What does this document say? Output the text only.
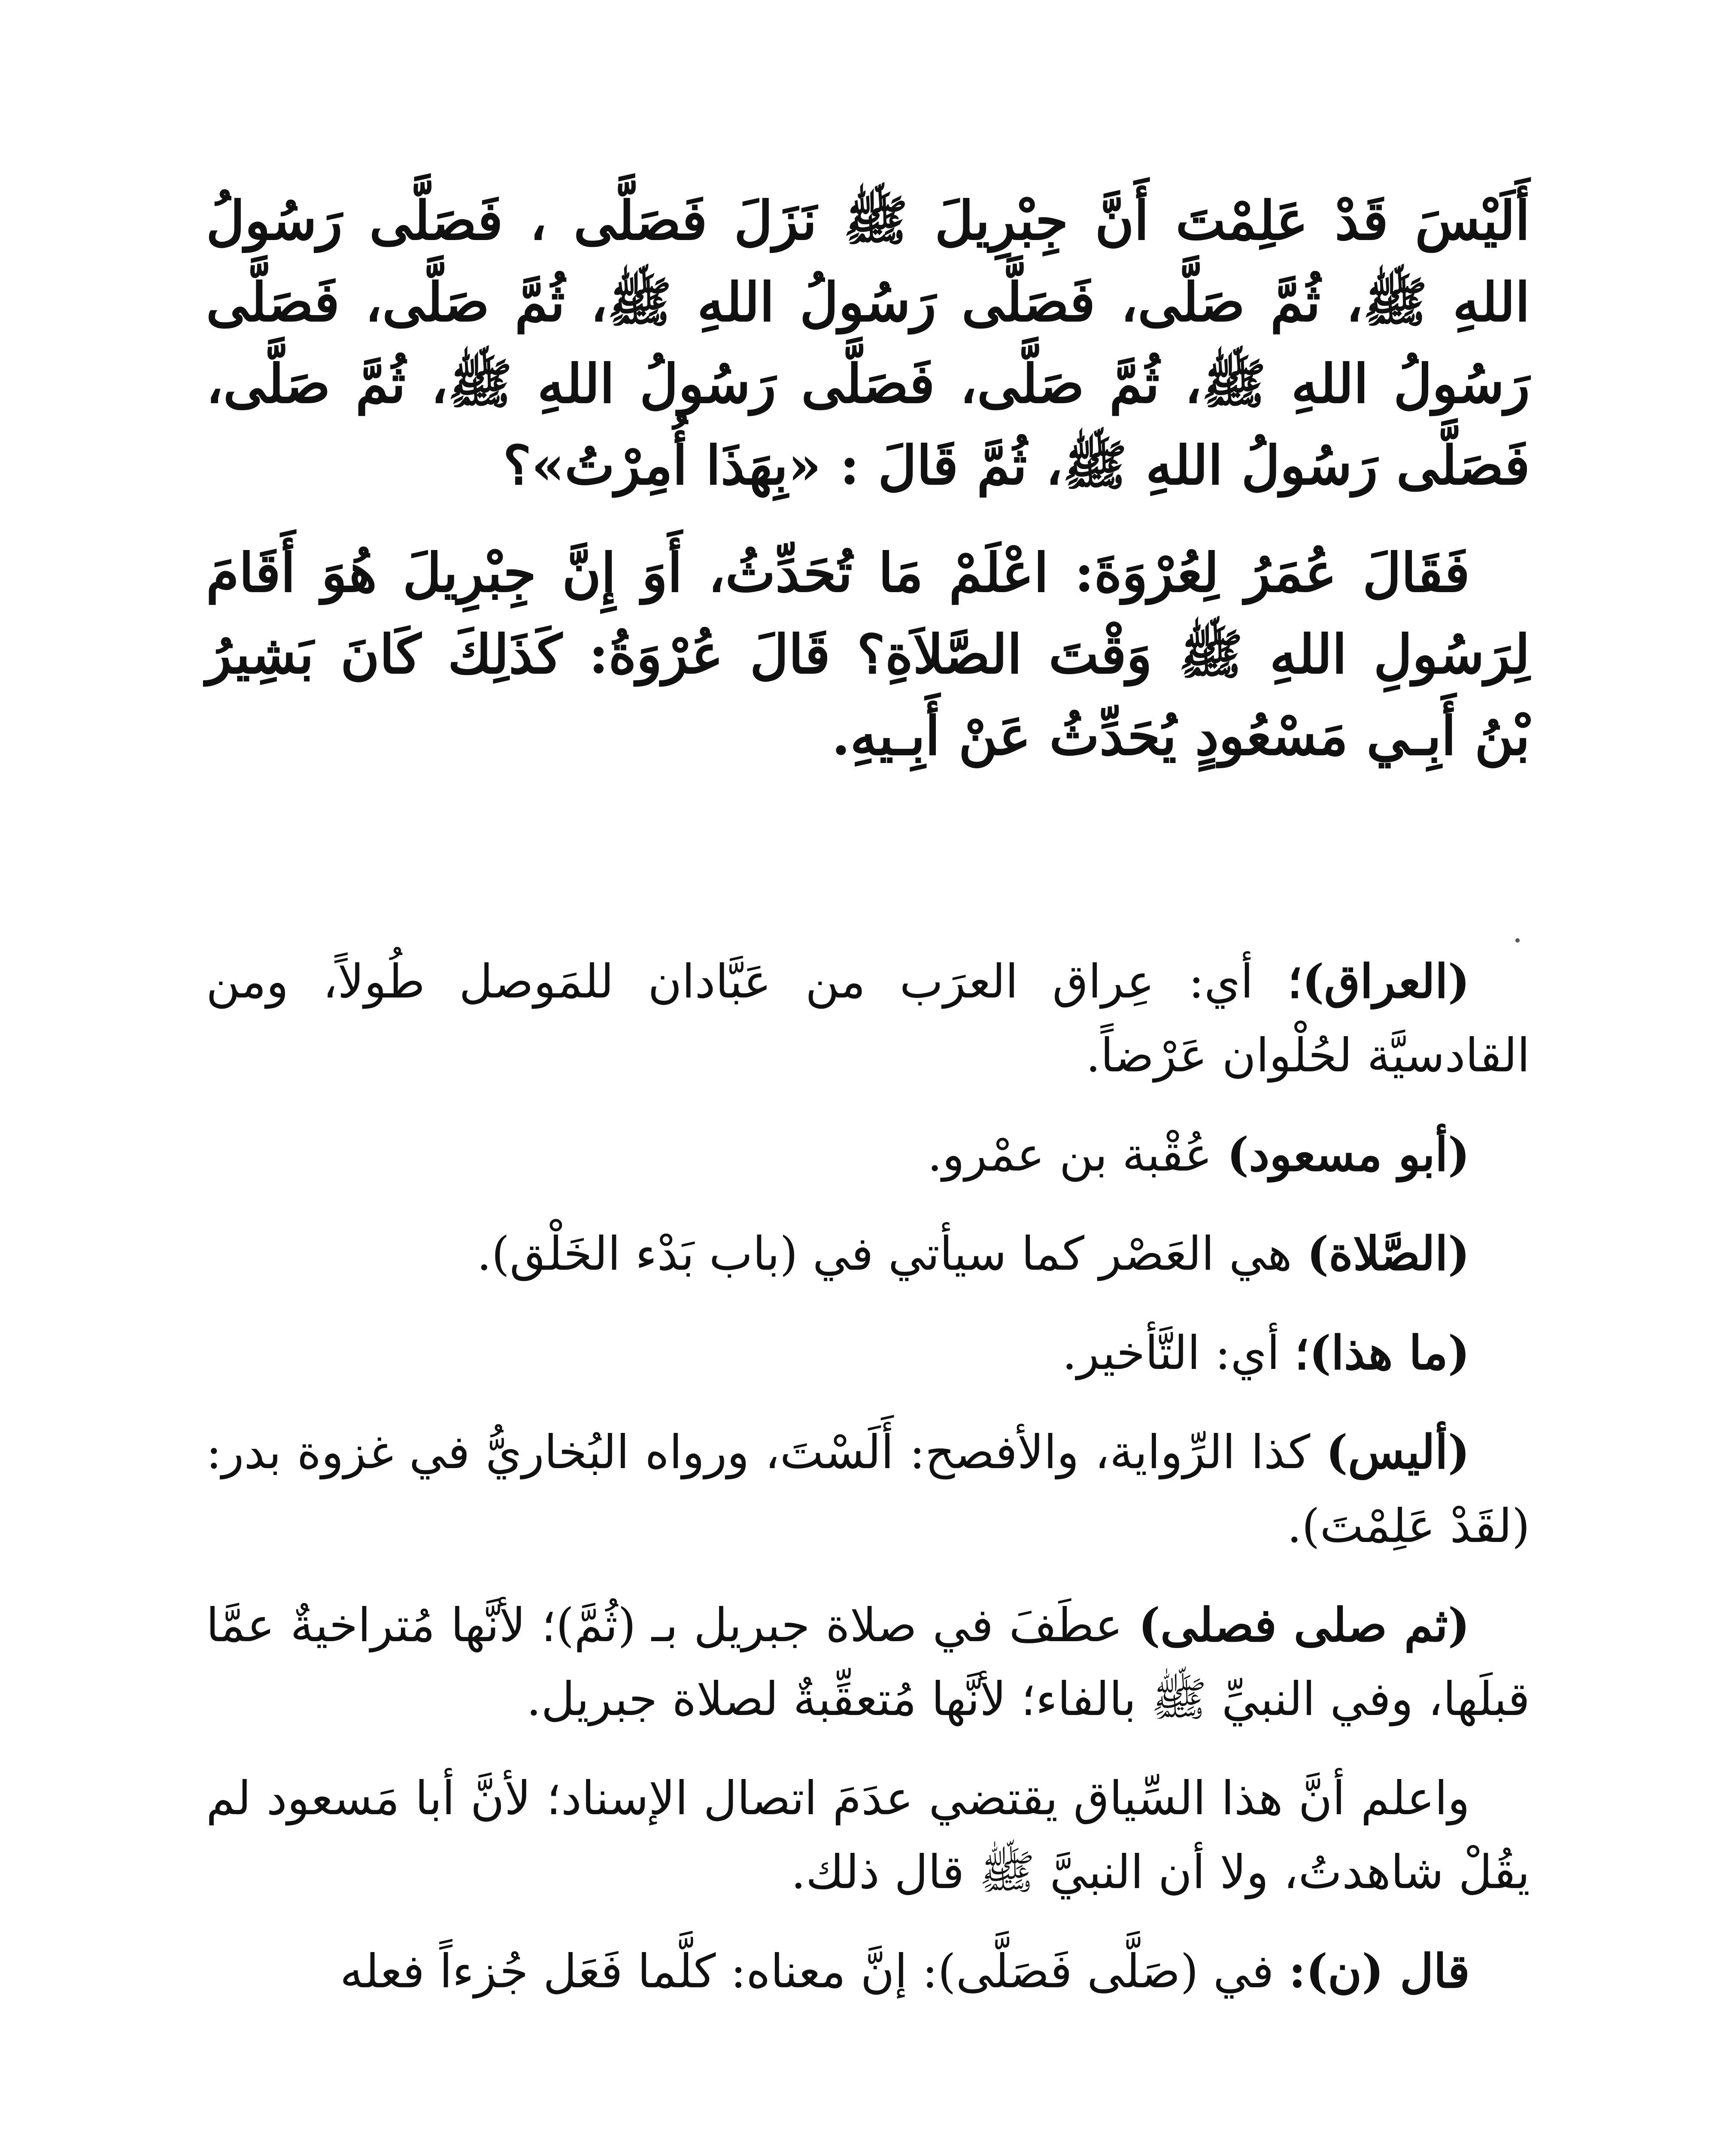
أَلَيْسَ قَدْ عَلِمْتَ أَنَّ جِبْرِيلَ ﷺ نَزَلَ فَصَلَّى ، فَصَلَّى رَسُولُ اللهِ ﷺ، ثُمَّ صَلَّى، فَصَلَّى رَسُولُ اللهِ ﷺ، ثُمَّ صَلَّى، فَصَلَّى رَسُولُ اللهِ ﷺ، ثُمَّ صَلَّى، فَصَلَّى رَسُولُ اللهِ ﷺ، ثُمَّ صَلَّى، فَصَلَّى رَسُولُ اللهِ ﷺ، ثُمَّ قَالَ : «بِهَذَا أُمِرْتُ»؟

فَقَالَ عُمَرُ لِعُرْوَةَ: اعْلَمْ مَا تُحَدِّثُ، أَوَ إِنَّ جِبْرِيلَ هُوَ أَقَامَ لِرَسُولِ اللهِ ﷺ وَقْتَ الصَّلاَةِ؟ قَالَ عُرْوَةُ: كَذَلِكَ كَانَ بَشِيرُ بْنُ أَبِـي مَسْعُودٍ يُحَدِّثُ عَنْ أَبِـيهِ.

(العراق)؛ أي: عِراق العرَب من عَبَّادان للمَوصل طُولاً، ومن القادسيَّة لحُلْوان عَرْضاً.

(أبو مسعود) عُقْبة بن عمْرو.

(الصَّلاة) هي العَصْر كما سيأتي في (باب بَدْء الخَلْق).

(ما هذا)؛ أي: التَّأخير.

(أليس) كذا الرِّواية، والأفصح: أَلَسْتَ، ورواه البُخاريُّ في غزوة بدر: (لقَدْ عَلِمْتَ).

(ثم صلى فصلى) عطَفَ في صلاة جبريل بـ (ثُمَّ)؛ لأنَّها مُتراخيةٌ عمَّا قبلَها، وفي النبيِّ ﷺ بالفاء؛ لأنَّها مُتعقِّبةٌ لصلاة جبريل.

واعلم أنَّ هذا السِّياق يقتضي عدَمَ اتصال الإسناد؛ لأنَّ أبا مَسعود لم يقُلْ شاهدتُ، ولا أن النبيَّ ﷺ قال ذلك.

قال (ن): في (صَلَّى فَصَلَّى): إنَّ معناه: كلَّما فَعَل جُزءاً فعله
